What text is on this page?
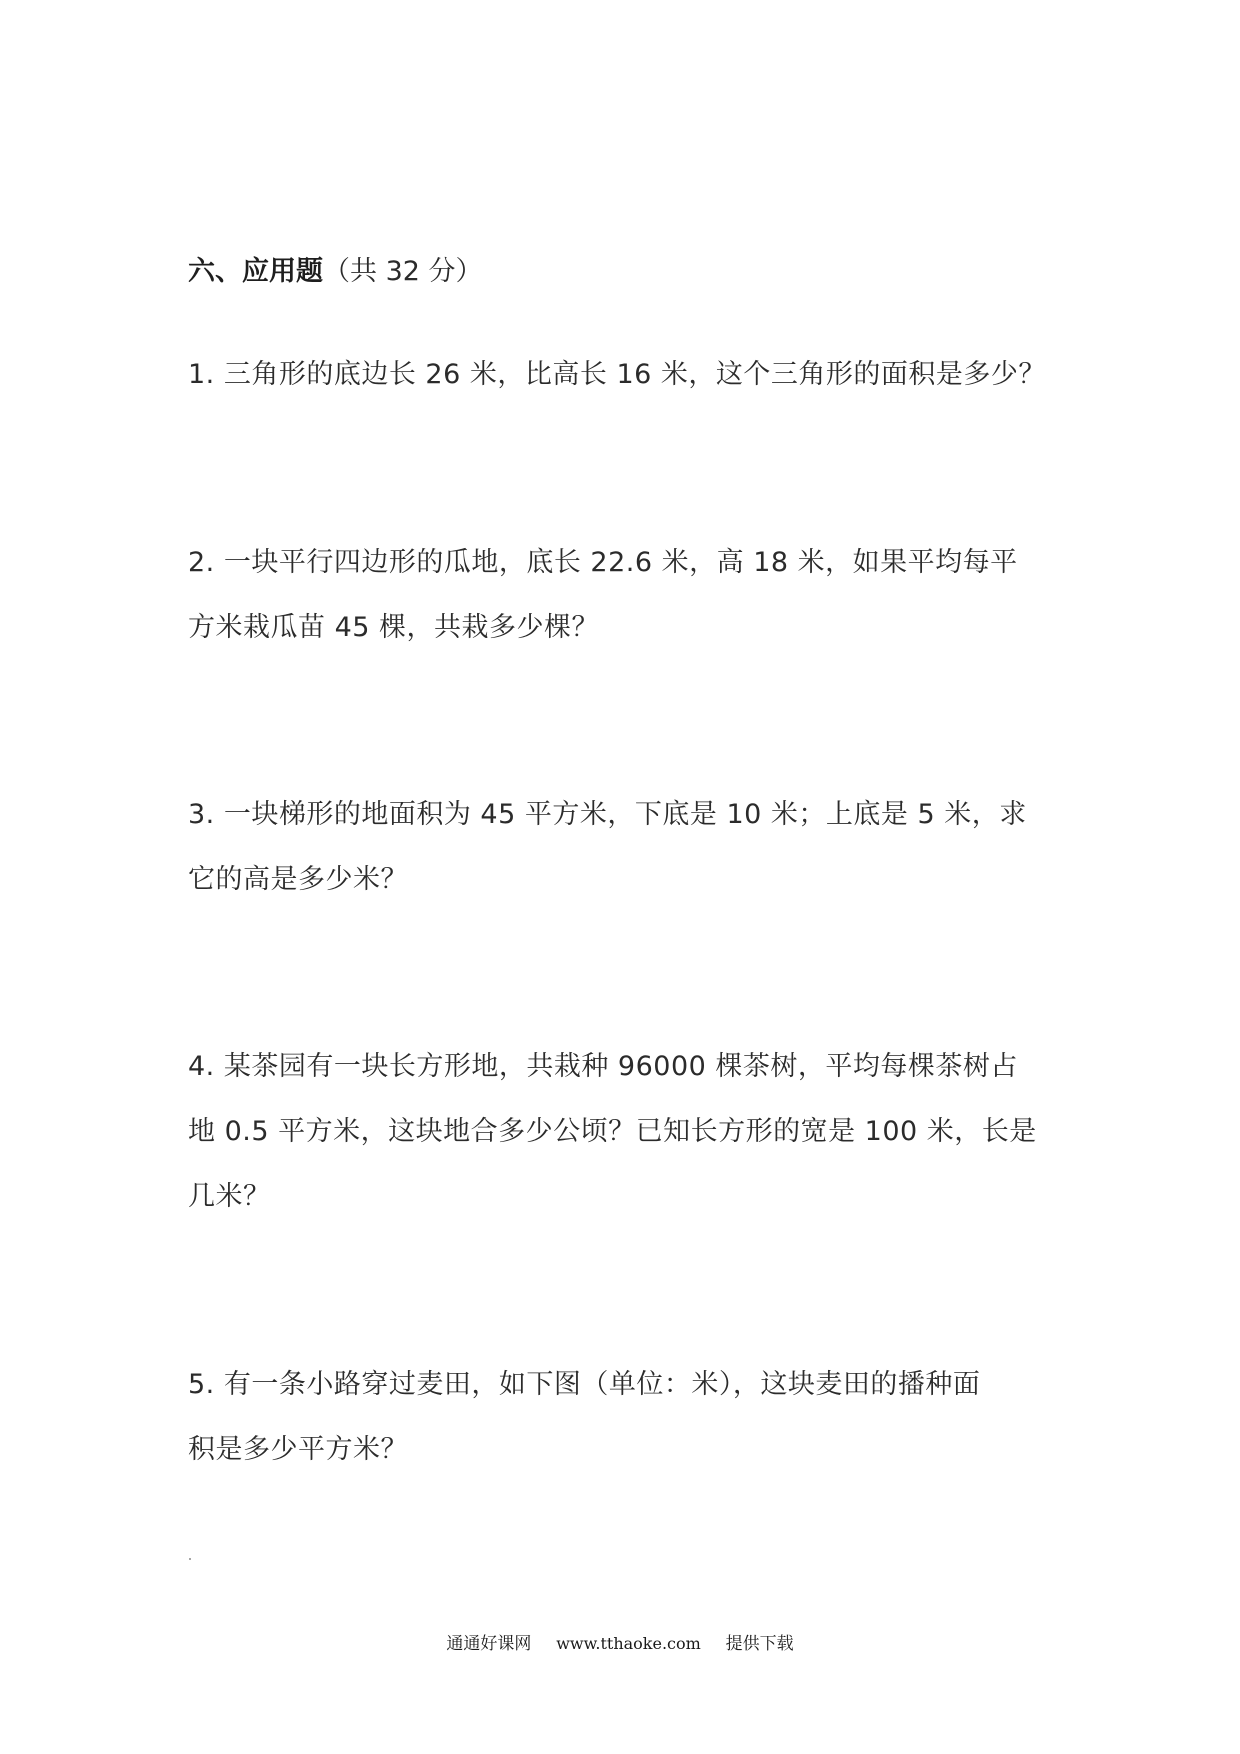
六、应用题（共 32 分）
1. 三角形的底边长 26 米，比高长 16 米，这个三角形的面积是多少？
2. 一块平行四边形的瓜地，底长 22.6 米，高 18 米，如果平均每平
方米栽瓜苗 45 棵，共栽多少棵？
3. 一块梯形的地面积为 45 平方米，下底是 10 米；上底是 5 米，求
它的高是多少米？
4. 某茶园有一块长方形地，共栽种 96000 棵茶树，平均每棵茶树占
地 0.5 平方米，这块地合多少公顷？已知长方形的宽是 100 米，长是
几米？
5. 有一条小路穿过麦田，如下图（单位：米），这块麦田的播种面
积是多少平方米？
通通好课网 www.tthaoke.com 提供下载
